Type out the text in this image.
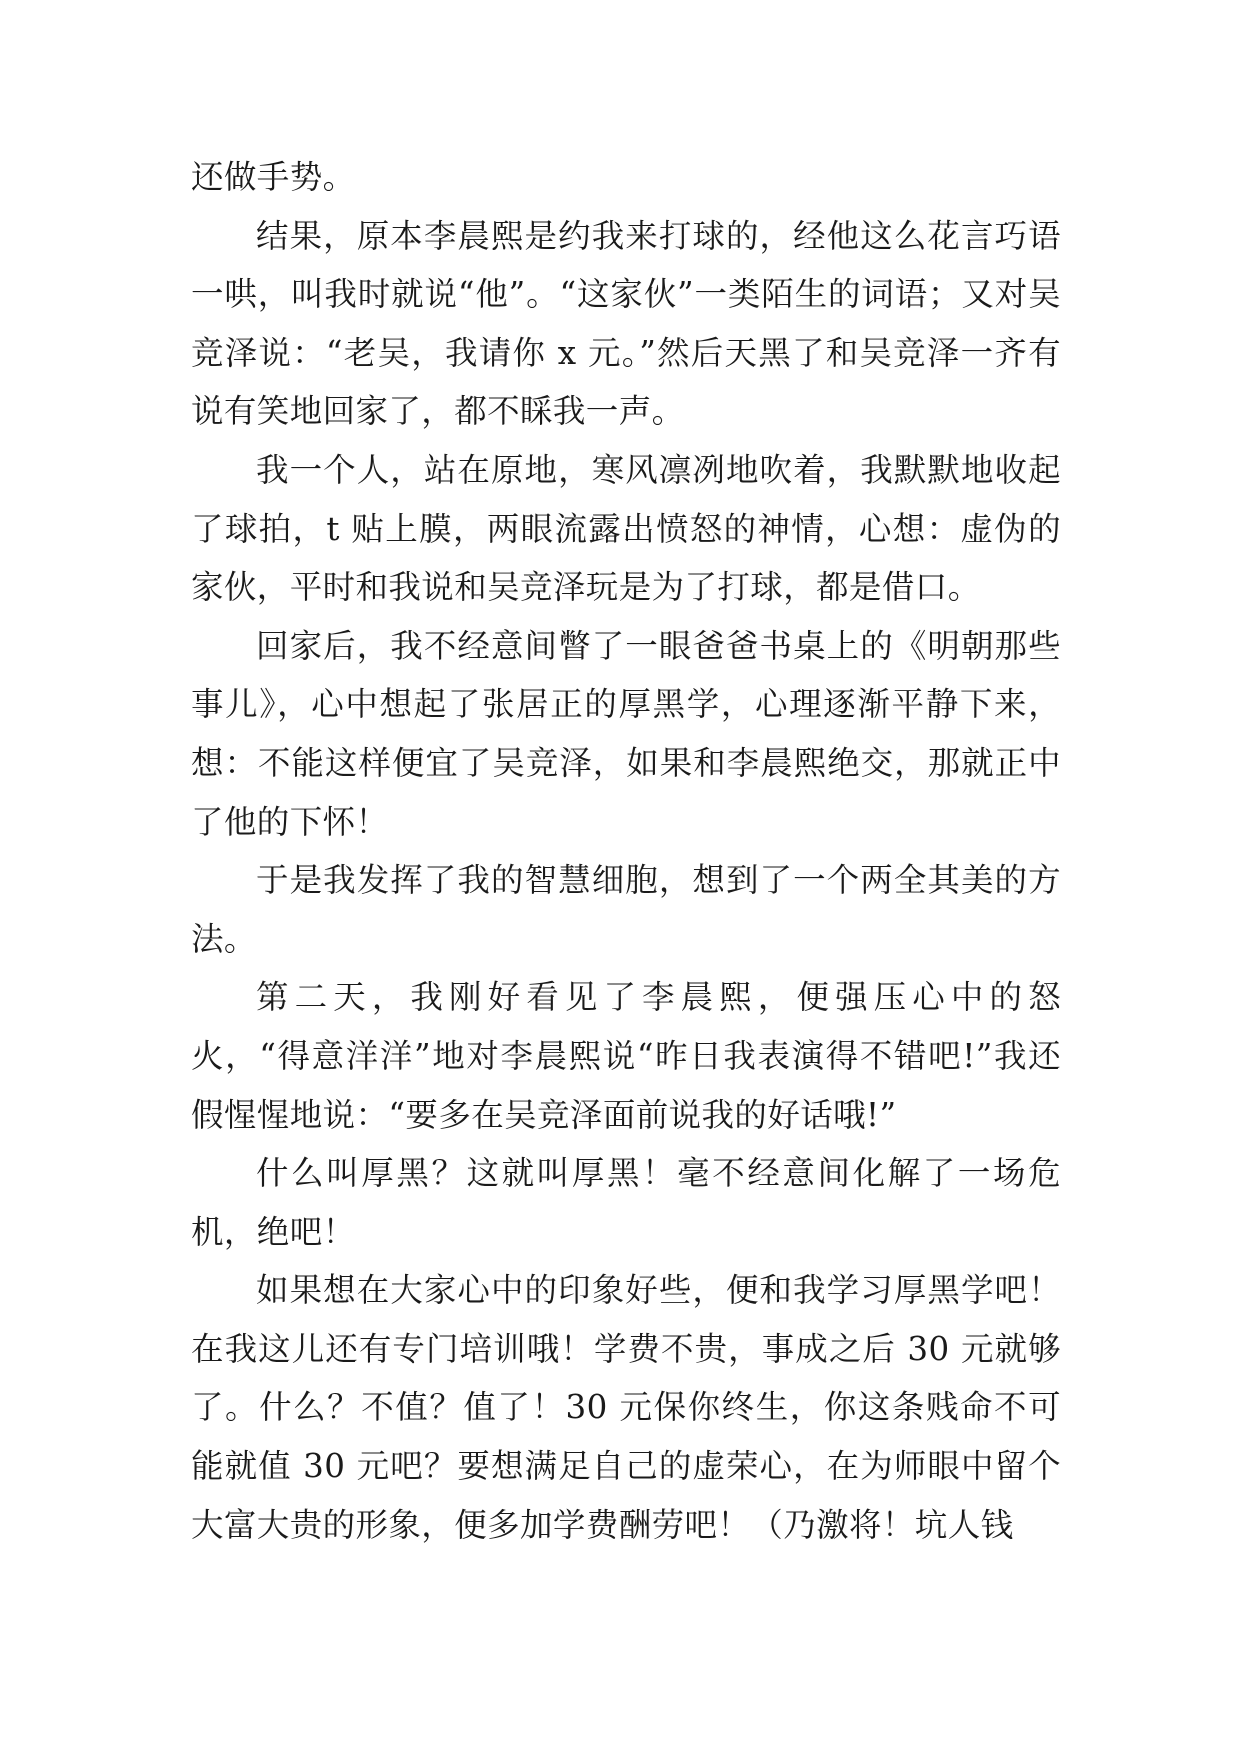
还做手势。

结果，原本李晨熙是约我来打球的，经他这么花言巧语一哄，叫我时就说“他”。“这家伙”一类陌生的词语；又对吴竞泽说：“老吴，我请你 x 元。”然后天黑了和吴竞泽一齐有说有笑地回家了，都不睬我一声。

我一个人，站在原地，寒风凛冽地吹着，我默默地收起了球拍，t 贴上膜，两眼流露出愤怒的神情，心想：虚伪的家伙，平时和我说和吴竞泽玩是为了打球，都是借口。

回家后，我不经意间瞥了一眼爸爸书桌上的《明朝那些事儿》，心中想起了张居正的厚黑学，心理逐渐平静下来，想：不能这样便宜了吴竞泽，如果和李晨熙绝交，那就正中了他的下怀！

于是我发挥了我的智慧细胞，想到了一个两全其美的方法。

第二天，我刚好看见了李晨熙，便强压心中的怒火，“得意洋洋”地对李晨熙说“昨日我表演得不错吧!”我还假惺惺地说：“要多在吴竞泽面前说我的好话哦!”

什么叫厚黑？这就叫厚黑！毫不经意间化解了一场危机，绝吧！

如果想在大家心中的印象好些，便和我学习厚黑学吧！在我这儿还有专门培训哦！学费不贵，事成之后 30 元就够了。什么？不值？值了！30 元保你终生，你这条贱命不可能就值 30 元吧？要想满足自己的虚荣心，在为师眼中留个大富大贵的形象，便多加学费酬劳吧！（乃激将！坑人钱
